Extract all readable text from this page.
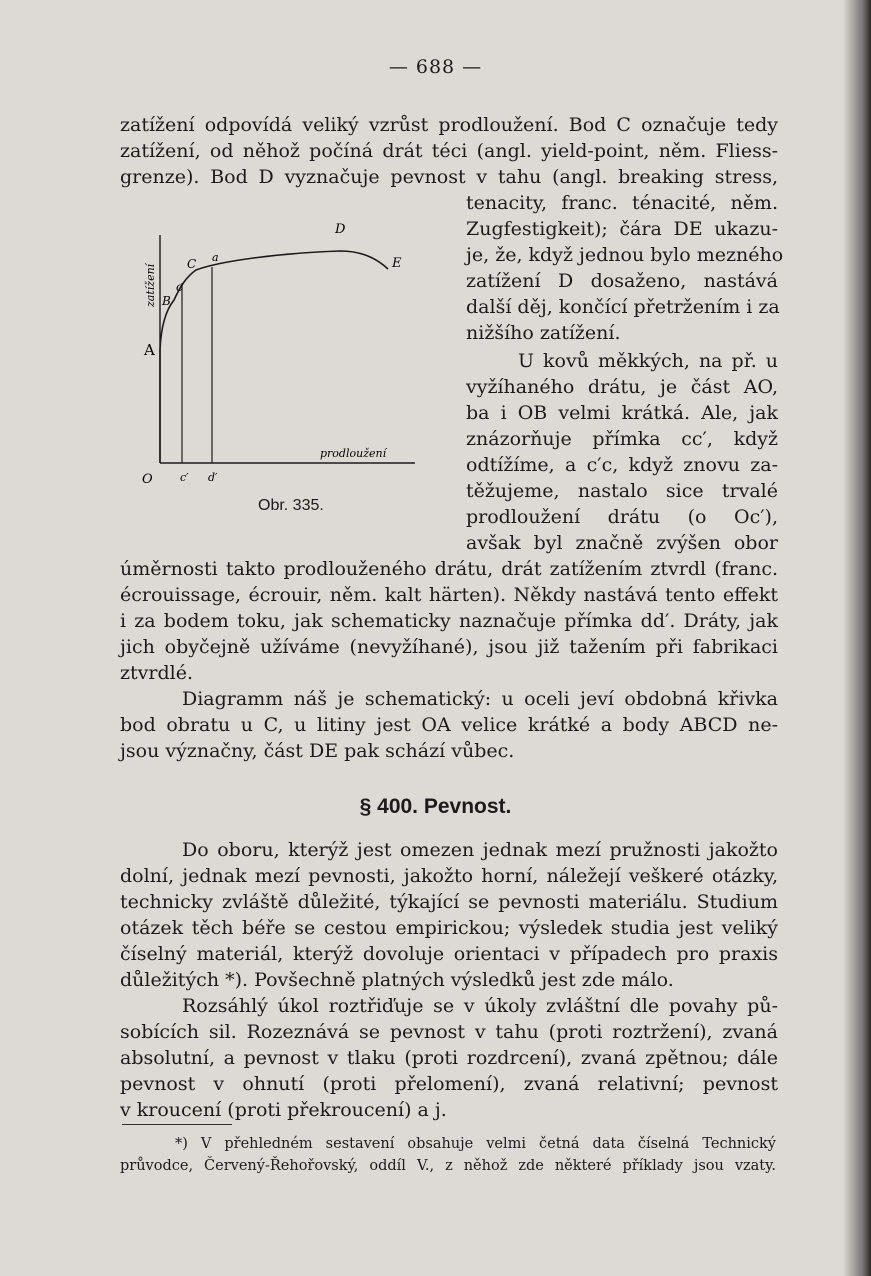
— 688 —
zatížení odpovídá veliký vzrůst prodloužení. Bod C označuje tedy
zatížení, od něhož počíná drát téci (angl. yield-point, něm. Fliess-
grenze). Bod D vyznačuje pevnost v tahu (angl. breaking stress,
tenacity, franc. ténacité, něm.
Zugfestigkeit); čára DE ukazu-
je, že, když jednou bylo mezného
zatížení D dosaženo, nastává
další děj, končící přetržením i za
nižšího zatížení.
U kovů měkkých, na př. u
vyžíhaného drátu, je část AO,
ba i OB velmi krátká. Ale, jak
znázorňuje přímka cc′, když
odtížíme, a c′c, když znovu za-
těžujeme, nastalo sice trvalé
prodloužení drátu (o Oc′),
avšak byl značně zvýšen obor
A
B
c
C a
D
E
O c′ d′
prodloužení
zatížení
Obr. 335.
úměrnosti takto prodlouženého drátu, drát zatížením ztvrdl (franc.
écrouissage, écrouir, něm. kalt härten). Někdy nastává tento effekt
i za bodem toku, jak schematicky naznačuje přímka dd′. Dráty, jak
jich obyčejně užíváme (nevyžíhané), jsou již tažením při fabrikaci
ztvrdlé.
Diagramm náš je schematický: u oceli jeví obdobná křivka
bod obratu u C, u litiny jest OA velice krátké a body ABCD ne-
jsou význačny, část DE pak schází vůbec.
§ 400. Pevnost.
Do oboru, kterýž jest omezen jednak mezí pružnosti jakožto
dolní, jednak mezí pevnosti, jakožto horní, náležejí veškeré otázky,
technicky zvláště důležité, týkající se pevnosti materiálu. Studium
otázek těch béře se cestou empirickou; výsledek studia jest veliký
číselný materiál, kterýž dovoluje orientaci v případech pro praxis
důležitých *). Povšechně platných výsledků jest zde málo.
Rozsáhlý úkol roztřiďuje se v úkoly zvláštní dle povahy pů-
sobících sil. Rozeznává se pevnost v tahu (proti roztržení), zvaná
absolutní, a pevnost v tlaku (proti rozdrcení), zvaná zpětnou; dále
pevnost v ohnutí (proti přelomení), zvaná relativní; pevnost
v kroucení (proti překroucení) a j.
*) V přehledném sestavení obsahuje velmi četná data číselná Technický
průvodce, Červený-Řehořovský, oddíl V., z něhož zde některé příklady jsou vzaty.
